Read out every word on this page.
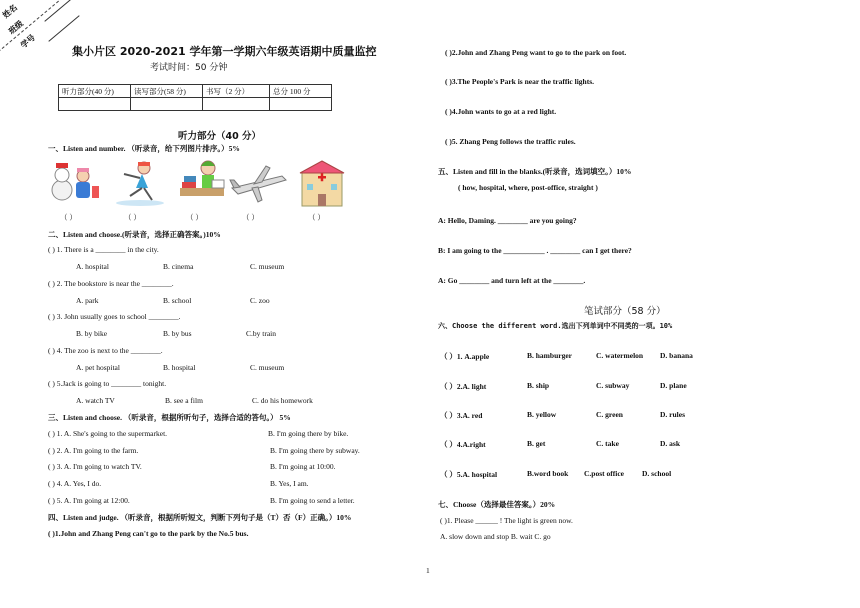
姓名
班级
学号
集小片区 2020-2021 学年第一学期六年级英语期中质量监控
考试时间：50 分钟
听力部分(40 分)	读写部分(58 分)	书写（2 分）	总分 100 分

听力部分（40 分）
一、Listen and number. （听录音，给下列图片排序。）5%
（ ）	（ ）	（ ）	（ ）	（ ）
二、Listen and choose.(听录音，选择正确答案。)10%
( ) 1. There is a ________ in the city.
A. hospital	B. cinema	C. museum
( ) 2. The bookstore is near the ________.
A. park	B. school	C. zoo
( ) 3. John usually goes to school ________.
B. by bike	B. by bus	C.by train
( ) 4. The zoo is next to the ________.
A. pet hospital	B. hospital	C. museum
( ) 5.Jack is going to ________ tonight.
A. watch TV	B. see a film	C. do his homework
三、Listen and choose. （听录音，根据所听句子，选择合适的答句。） 5%
( ) 1. A. She's going to the supermarket.	B. I'm going there by bike.
( ) 2. A. I'm going to the farm.	B. I'm going there by subway.
( ) 3. A. I'm going to watch TV.	B. I'm going at 10:00.
( ) 4. A. Yes, I do.	B. Yes, I am.
( ) 5. A. I'm going at 12:00.	B. I'm going to send a letter.
四、Listen and judge. （听录音，根据所听短文，判断下列句子是（T）否（F）正确。）10%
( )1.John and Zhang Peng can't go to the park by the No.5 bus.
( )2.John and Zhang Peng want to go to the park on foot.
( )3.The People's Park is near the traffic lights.
( )4.John wants to go at a red light.
( )5. Zhang Peng follows the traffic rules.
五、Listen and fill in the blanks.(听录音，选词填空。）10%
( how, hospital, where, post-office, straight )
A: Hello, Daming. ________ are you going?
B: I am going to the ___________ . ________ can I get there?
A: Go ________ and turn left at the ________.
笔试部分（58 分）
六、Choose the different word.选出下列单词中不同类的一项。10%
（ ）1. A.apple	B. hamburger	C. watermelon D. banana
（ ）2.A. light	B. ship	C. subway	D. plane
（ ）3.A. red	B. yellow	C. green	D. rules
（ ）4.A.right	B. get	C. take	D. ask
（ ）5.A. hospital	B.word book C.post office D. school
七、Choose（选择最佳答案。）20%
( )1. Please ______ ! The light is green now.
A. slow down and stop B. wait C. go
1
